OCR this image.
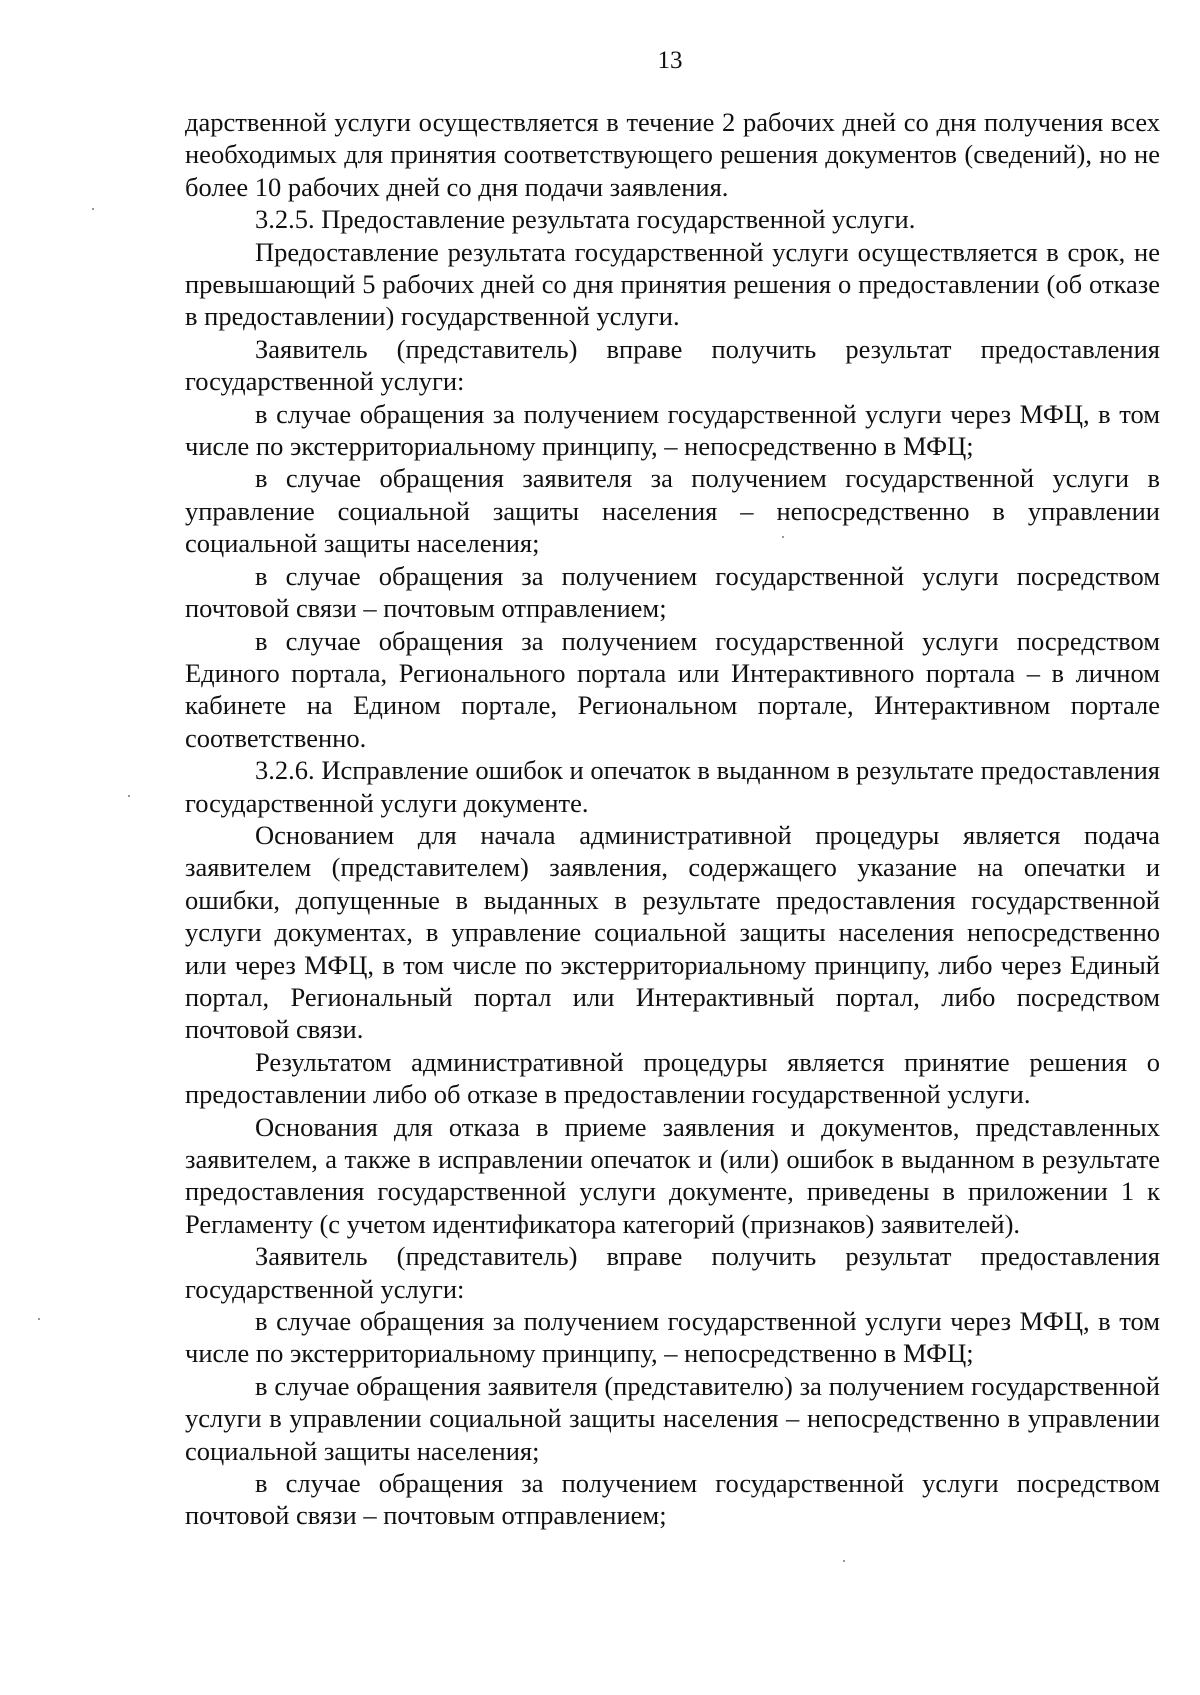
13

дарственной услуги осуществляется в течение 2 рабочих дней со дня получения всех необходимых для принятия соответствующего решения документов (сведений), но не более 10 рабочих дней со дня подачи заявления.

3.2.5. Предоставление результата государственной услуги.

Предоставление результата государственной услуги осуществляется в срок, не превышающий 5 рабочих дней со дня принятия решения о предоставлении (об отказе в предоставлении) государственной услуги.

Заявитель (представитель) вправе получить результат предоставления государственной услуги:

в случае обращения за получением государственной услуги через МФЦ, в том числе по экстерриториальному принципу, – непосредственно в МФЦ;

в случае обращения заявителя за получением государственной услуги в управление социальной защиты населения – непосредственно в управлении социальной защиты населения;

в случае обращения за получением государственной услуги посредством почтовой связи – почтовым отправлением;

в случае обращения за получением государственной услуги посредством Единого портала, Регионального портала или Интерактивного портала – в личном кабинете на Едином портале, Региональном портале, Интерактивном портале соответственно.

3.2.6. Исправление ошибок и опечаток в выданном в результате предоставления государственной услуги документе.

Основанием для начала административной процедуры является подача заявителем (представителем) заявления, содержащего указание на опечатки и ошибки, допущенные в выданных в результате предоставления государственной услуги документах, в управление социальной защиты населения непосредственно или через МФЦ, в том числе по экстерриториальному принципу, либо через Единый портал, Региональный портал или Интерактивный портал, либо посредством почтовой связи.

Результатом административной процедуры является принятие решения о предоставлении либо об отказе в предоставлении государственной услуги.

Основания для отказа в приеме заявления и документов, представленных заявителем, а также в исправлении опечаток и (или) ошибок в выданном в результате предоставления государственной услуги документе, приведены в приложении 1 к Регламенту (с учетом идентификатора категорий (признаков) заявителей).

Заявитель (представитель) вправе получить результат предоставления государственной услуги:

в случае обращения за получением государственной услуги через МФЦ, в том числе по экстерриториальному принципу, – непосредственно в МФЦ;

в случае обращения заявителя (представителю) за получением государственной услуги в управлении социальной защиты населения – непосредственно в управлении социальной защиты населения;

в случае обращения за получением государственной услуги посредством почтовой связи – почтовым отправлением;
